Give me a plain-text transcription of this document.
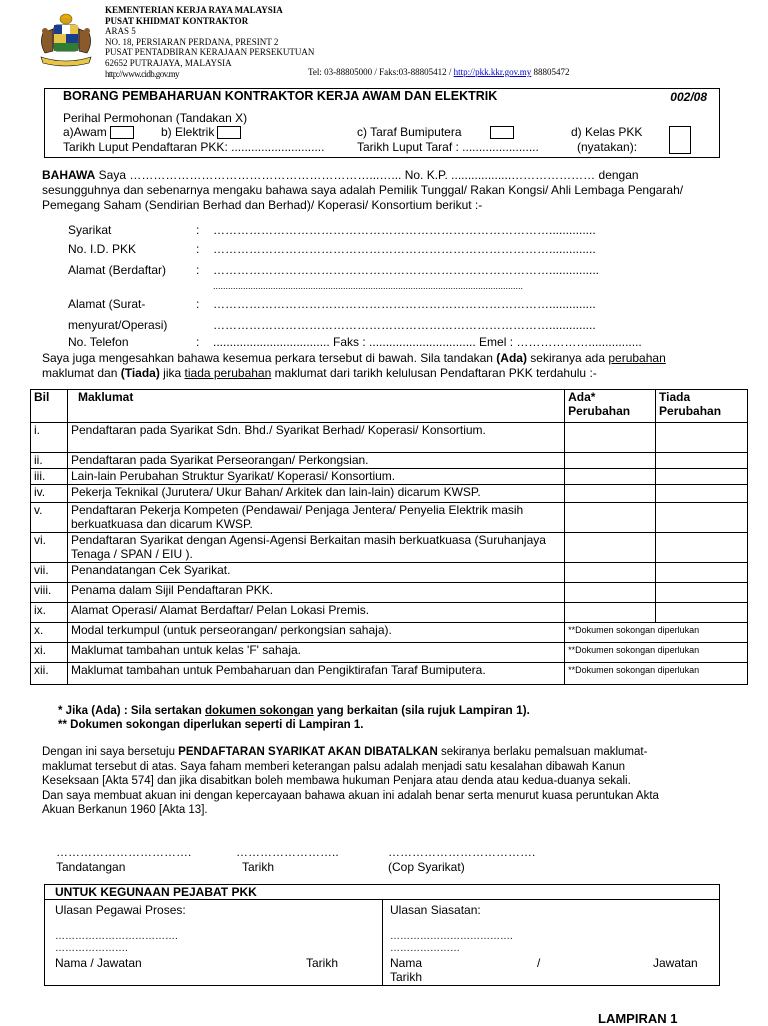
KEMENTERIAN KERJA RAYA MALAYSIA
PUSAT KHIDMAT KONTRAKTOR
ARAS 5
NO. 18, PERSIARAN PERDANA, PRESINT 2
PUSAT PENTADBIRAN KERAJAAN PERSEKUTUAN
62652 PUTRAJAYA, MALAYSIA
http://www.cidb.gov.my	Tel: 03-88805000 / Faks:03-88805412 / http://pkk.kkr.gov.my 88805472
BORANG PEMBAHARUAN KONTRAKTOR KERJA AWAM DAN ELEKTRIK	002/08
Perihal Permohonan (Tandakan X)
a)Awam	b) Elektrik	c) Taraf Bumiputera	d) Kelas PKK
Tarikh Luput Pendaftaran PKK: ............................	Tarikh Luput Taraf : .......................	(nyatakan):
BAHAWA Saya ……………………………………………………...…... No. K.P. ..................………………… dengan
sesungguhnya dan sebenarnya mengaku bahawa saya adalah Pemilik Tunggal/ Rakan Kongsi/ Ahli Lembaga Pengarah/
Pemegang Saham (Sendirian Berhad dan Berhad)/ Koperasi/ Konsortium berikut :-
Syarikat	: …………………………………………………………………………..............
No. I.D. PKK	: …………………………………………………………………………..............
Alamat (Berdaftar) : …………………………………………………………………………...............
............................................................................................................................
Alamat (Surat-	: …………………………………………………………………………..............
menyurat/Operasi)	…………………………………………………………………………..............
No. Telefon	: ................................... Faks : ................................ Emel : ………………................
Saya juga mengesahkan bahawa kesemua perkara tersebut di bawah. Sila tandakan (Ada) sekiranya ada perubahan
maklumat dan (Tiada) jika tiada perubahan maklumat dari tarikh kelulusan Pendaftaran PKK terdahulu :-
Bil	Maklumat	Ada* Perubahan	Tiada Perubahan
i.	Pendaftaran pada Syarikat Sdn. Bhd./ Syarikat Berhad/ Koperasi/ Konsortium.		
ii.	Pendaftaran pada Syarikat Perseorangan/ Perkongsian.		
iii.	Lain-lain Perubahan Struktur Syarikat/ Koperasi/ Konsortium.		
iv.	Pekerja Teknikal (Jurutera/ Ukur Bahan/ Arkitek dan lain-lain) dicarum KWSP.		
v.	Pendaftaran Pekerja Kompeten (Pendawai/ Penjaga Jentera/ Penyelia Elektrik masih berkuatkuasa dan dicarum KWSP.		
vi.	Pendaftaran Syarikat dengan Agensi-Agensi Berkaitan masih berkuatkuasa (Suruhanjaya Tenaga / SPAN / EIU ).		
vii.	Penandatangan Cek Syarikat.		
viii.	Penama dalam Sijil Pendaftaran PKK.		
ix.	Alamat Operasi/ Alamat Berdaftar/ Pelan Lokasi Premis.		
x.	Modal terkumpul (untuk perseorangan/ perkongsian sahaja).	**Dokumen sokongan diperlukan	
xi.	Maklumat tambahan untuk kelas 'F' sahaja.	**Dokumen sokongan diperlukan	
xii.	Maklumat tambahan untuk Pembaharuan dan Pengiktirafan Taraf Bumiputera.	**Dokumen sokongan diperlukan	
* Jika (Ada) : Sila sertakan dokumen sokongan yang berkaitan (sila rujuk Lampiran 1).
** Dokumen sokongan diperlukan seperti di Lampiran 1.
Dengan ini saya bersetuju PENDAFTARAN SYARIKAT AKAN DIBATALKAN sekiranya berlaku pemalsuan maklumat-
maklumat tersebut di atas. Saya faham memberi keterangan palsu adalah menjadi satu kesalahan dibawah Kanun
Keseksaan [Akta 574] dan jika disabitkan boleh membawa hukuman Penjara atau denda atau kedua-duanya sekali.
Dan saya membuat akuan ini dengan kepercayaan bahawa akuan ini adalah benar serta menurut kuasa peruntukan Akta
Akuan Berkanun 1960 [Akta 13].
…………………………….	……………………..	……………………………….
Tandatangan	Tarikh	(Cop Syarikat)
UNTUK KEGUNAAN PEJABAT PKK
Ulasan Pegawai Proses:	Ulasan Siasatan:
……………………………….
………………….
……………………………….
…………………
Nama / Jawatan	Tarikh	Nama	/	Jawatan
Tarikh
LAMPIRAN 1
